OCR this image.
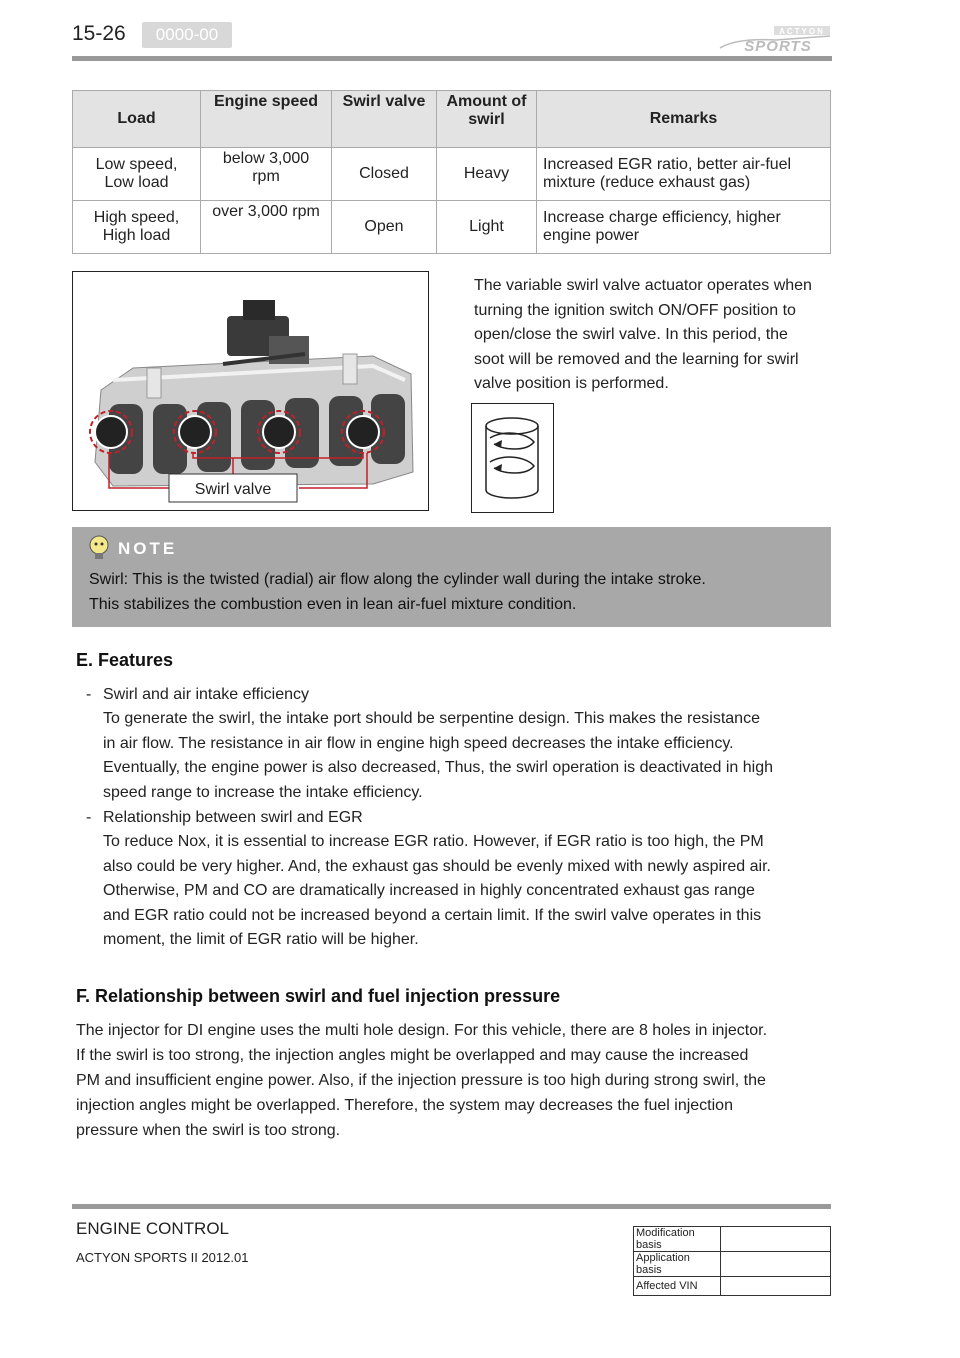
15-26	0000-00	ACTYON
SPORTS
Load	Engine speed	Swirl valve	Amount of swirl	Remarks
Low speed, Low load	below 3,000 rpm	Closed	Heavy	Increased EGR ratio, better air-fuel mixture (reduce exhaust gas)
High speed, High load	over 3,000 rpm	Open	Light	Increase charge efficiency, higher engine power
Swirl valve
The variable swirl valve actuator operates when turning the ignition switch ON/OFF position to open/close the swirl valve. In this period, the soot will be removed and the learning for swirl valve position is performed.
NOTE
Swirl: This is the twisted (radial) air flow along the cylinder wall during the intake stroke.
This stabilizes the combustion even in lean air-fuel mixture condition.
E. Features
- Swirl and air intake efficiency
To generate the swirl, the intake port should be serpentine design. This makes the resistance
in air flow. The resistance in air flow in engine high speed decreases the intake efficiency.
Eventually, the engine power is also decreased, Thus, the swirl operation is deactivated in high
speed range to increase the intake efficiency.
- Relationship between swirl and EGR
To reduce Nox, it is essential to increase EGR ratio. However, if EGR ratio is too high, the PM
also could be very higher. And, the exhaust gas should be evenly mixed with newly aspired air.
Otherwise, PM and CO are dramatically increased in highly concentrated exhaust gas range
and EGR ratio could not be increased beyond a certain limit. If the swirl valve operates in this
moment, the limit of EGR ratio will be higher.
F. Relationship between swirl and fuel injection pressure
The injector for DI engine uses the multi hole design. For this vehicle, there are 8 holes in injector.
If the swirl is too strong, the injection angles might be overlapped and may cause the increased
PM and insufficient engine power. Also, if the injection pressure is too high during strong swirl, the
injection angles might be overlapped. Therefore, the system may decreases the fuel injection
pressure when the swirl is too strong.
ENGINE CONTROL
ACTYON SPORTS II 2012.01
Modification basis	
Application basis	
Affected VIN	
